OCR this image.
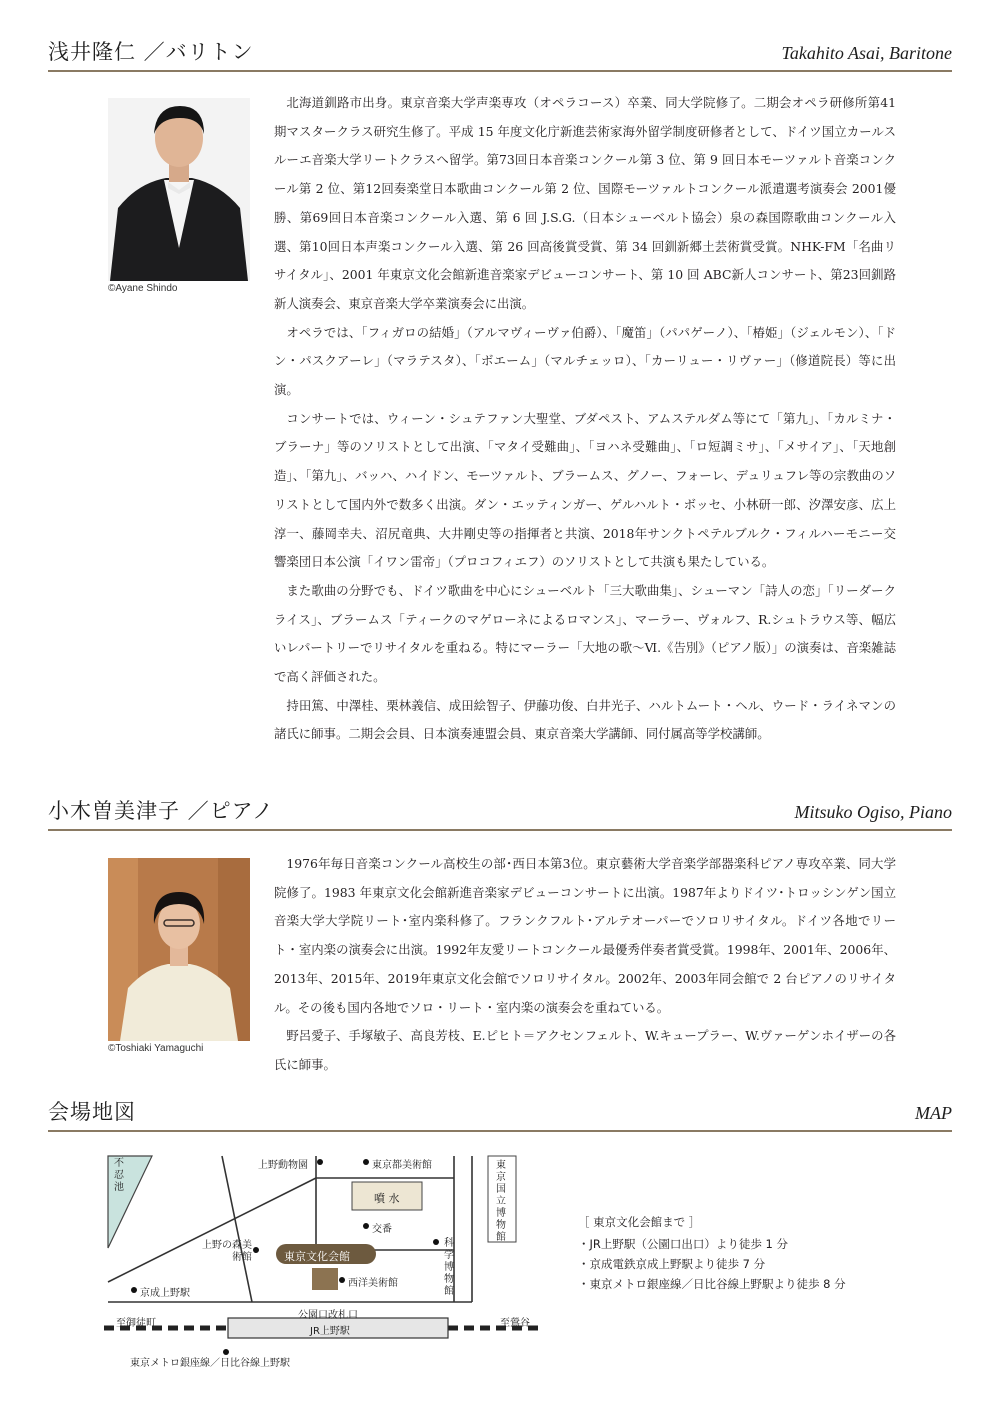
浅井隆仁 ／バリトン	Takahito Asai, Baritone
©Ayane Shindo

北海道釧路市出身。東京音楽大学声楽専攻（オペラコース）卒業、同大学院修了。二期会オペラ研修所第41期マスタークラス研究生修了。平成 15 年度文化庁新進芸術家海外留学制度研修者として、ドイツ国立カールスルーエ音楽大学リートクラスへ留学。第73回日本音楽コンクール第 3 位、第 9 回日本モーツァルト音楽コンクール第 2 位、第12回奏楽堂日本歌曲コンクール第 2 位、国際モーツァルトコンクール派遣選考演奏会 2001優勝、第69回日本音楽コンクール入選、第 6 回 J.S.G.（日本シューベルト協会）泉の森国際歌曲コンクール入選、第10回日本声楽コンクール入選、第 26 回高後賞受賞、第 34 回釧新郷土芸術賞受賞。NHK-FM「名曲リサイタル」、2001 年東京文化会館新進音楽家デビューコンサート、第 10 回 ABC新人コンサート、第23回釧路新人演奏会、東京音楽大学卒業演奏会に出演。

オペラでは、「フィガロの結婚」（アルマヴィーヴァ伯爵）、「魔笛」（パパゲーノ）、「椿姫」（ジェルモン）、「ドン・パスクアーレ」（マラテスタ）、「ボエーム」（マルチェッロ）、「カーリュー・リヴァー」（修道院長）等に出演。

コンサートでは、ウィーン・シュテファン大聖堂、ブダペスト、アムステルダム等にて「第九」、「カルミナ・ブラーナ」等のソリストとして出演、「マタイ受難曲」、「ヨハネ受難曲」、「ロ短調ミサ」、「メサイア」、「天地創造」、「第九」、バッハ、ハイドン、モーツァルト、ブラームス、グノー、フォーレ、デュリュフレ等の宗教曲のソリストとして国内外で数多く出演。ダン・エッティンガー、ゲルハルト・ボッセ、小林研一郎、汐澤安彦、広上淳一、藤岡幸夫、沼尻竜典、大井剛史等の指揮者と共演、2018年サンクトペテルブルク・フィルハーモニー交響楽団日本公演「イワン雷帝」（プロコフィエフ）のソリストとして共演も果たしている。

また歌曲の分野でも、ドイツ歌曲を中心にシューベルト「三大歌曲集」、シューマン「詩人の恋」「リーダークライス」、ブラームス「ティークのマゲローネによるロマンス」、マーラー、ヴォルフ、R.シュトラウス等、幅広いレパートリーでリサイタルを重ねる。特にマーラー「大地の歌～Ⅵ.《告別》（ピアノ版）」の演奏は、音楽雑誌で高く評価された。

持田篤、中澤桂、栗林義信、成田絵智子、伊藤功俊、白井光子、ハルトムート・ヘル、ウード・ライネマンの諸氏に師事。二期会会員、日本演奏連盟会員、東京音楽大学講師、同付属高等学校講師。

小木曽美津子 ／ピアノ	Mitsuko Ogiso, Piano
©Toshiaki Yamaguchi

1976年毎日音楽コンクール高校生の部･西日本第3位。東京藝術大学音楽学部器楽科ピアノ専攻卒業、同大学院修了。1983 年東京文化会館新進音楽家デビューコンサートに出演。1987年よりドイツ･トロッシンゲン国立音楽大学大学院リート･室内楽科修了。フランクフルト･アルテオーパーでソロリサイタル。ドイツ各地でリート・室内楽の演奏会に出演。1992年友愛リートコンクール最優秀伴奏者賞受賞。1998年、2001年、2006年、2013年、2015年、2019年東京文化会館でソロリサイタル。2002年、2003年同会館で 2 台ピアノのリサイタル。その後も国内各地でソロ・リート・室内楽の演奏会を重ねている。

野呂愛子、手塚敏子、高良芳枝、E.ピヒト＝アクセンフェルト、W.キュープラー、W.ヴァーゲンホイザーの各氏に師事。

会場地図	MAP
不忍池
上野動物園	東京都美術館	東京国立博物館
噴 水
交番
上野の森美術館
科学博物館
東京文化会館
西洋美術館
京成上野駅
公園口改札口
至御徒町	至鶯谷
JR上野駅
東京メトロ銀座線／日比谷線上野駅
［ 東京文化会館まで ］
・ JR上野駅（公園口出口）より徒歩 1 分
・ 京成電鉄京成上野駅より徒歩 7 分
・ 東京メトロ銀座線／日比谷線上野駅より徒歩 8 分
